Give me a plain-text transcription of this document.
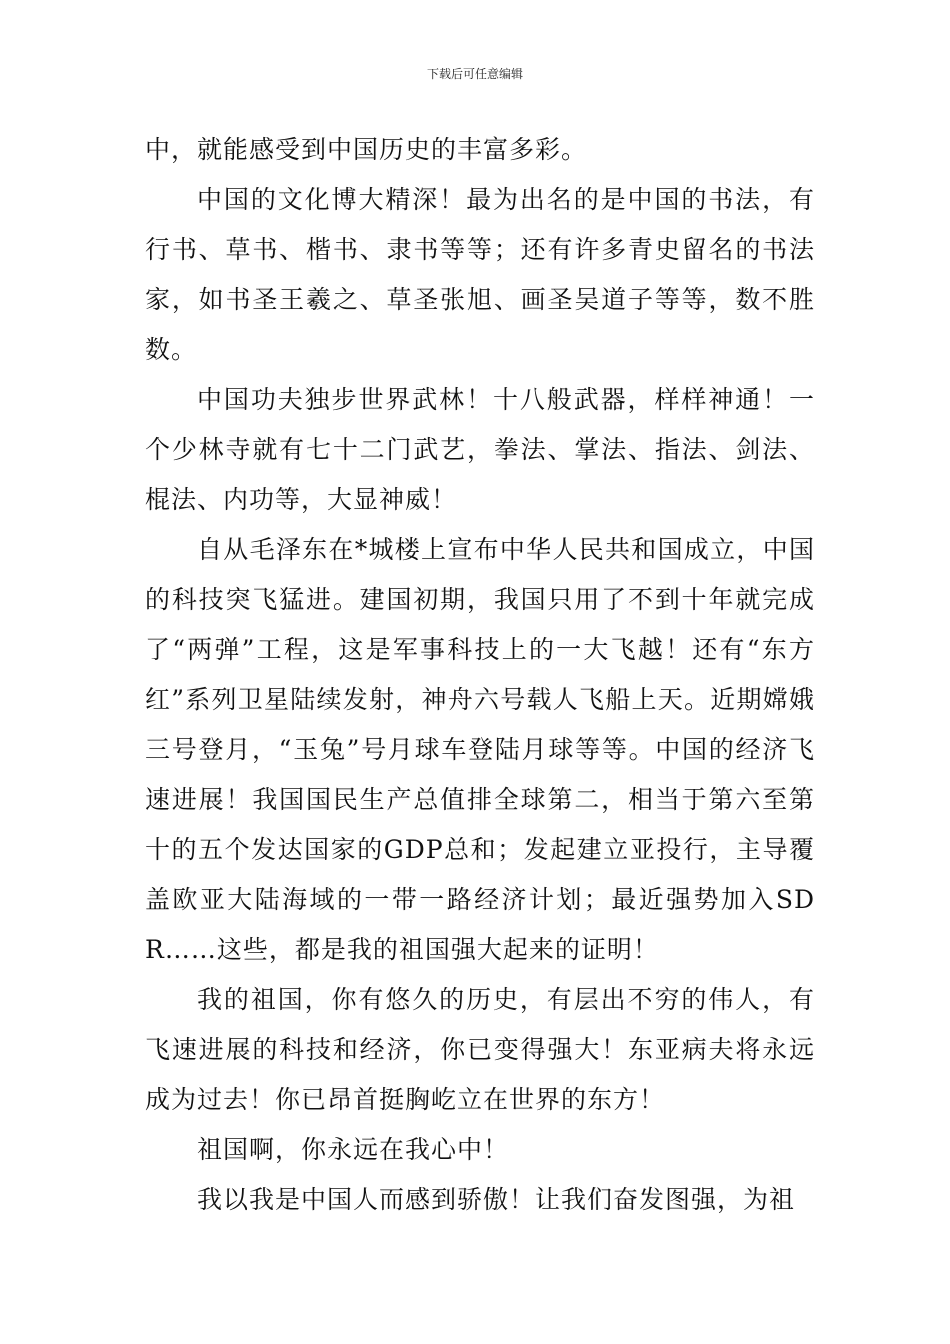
下载后可任意编辑

中，就能感受到中国历史的丰富多彩。

中国的文化博大精深！最为出名的是中国的书法，有行书、草书、楷书、隶书等等；还有许多青史留名的书法家，如书圣王羲之、草圣张旭、画圣吴道子等等，数不胜数。

中国功夫独步世界武林！十八般武器，样样神通！一个少林寺就有七十二门武艺，拳法、掌法、指法、剑法、棍法、内功等，大显神威！

自从毛泽东在*城楼上宣布中华人民共和国成立，中国的科技突飞猛进。建国初期，我国只用了不到十年就完成了“两弹”工程，这是军事科技上的一大飞越！还有“东方红”系列卫星陆续发射，神舟六号载人飞船上天。近期嫦娥三号登月，“玉兔”号月球车登陆月球等等。中国的经济飞速进展！我国国民生产总值排全球第二，相当于第六至第十的五个发达国家的GDP总和；发起建立亚投行，主导覆盖欧亚大陆海域的一带一路经济计划；最近强势加入SDR……这些，都是我的祖国强大起来的证明！

我的祖国，你有悠久的历史，有层出不穷的伟人，有飞速进展的科技和经济，你已变得强大！东亚病夫将永远成为过去！你已昂首挺胸屹立在世界的东方！

祖国啊，你永远在我心中！

我以我是中国人而感到骄傲！让我们奋发图强，为祖
